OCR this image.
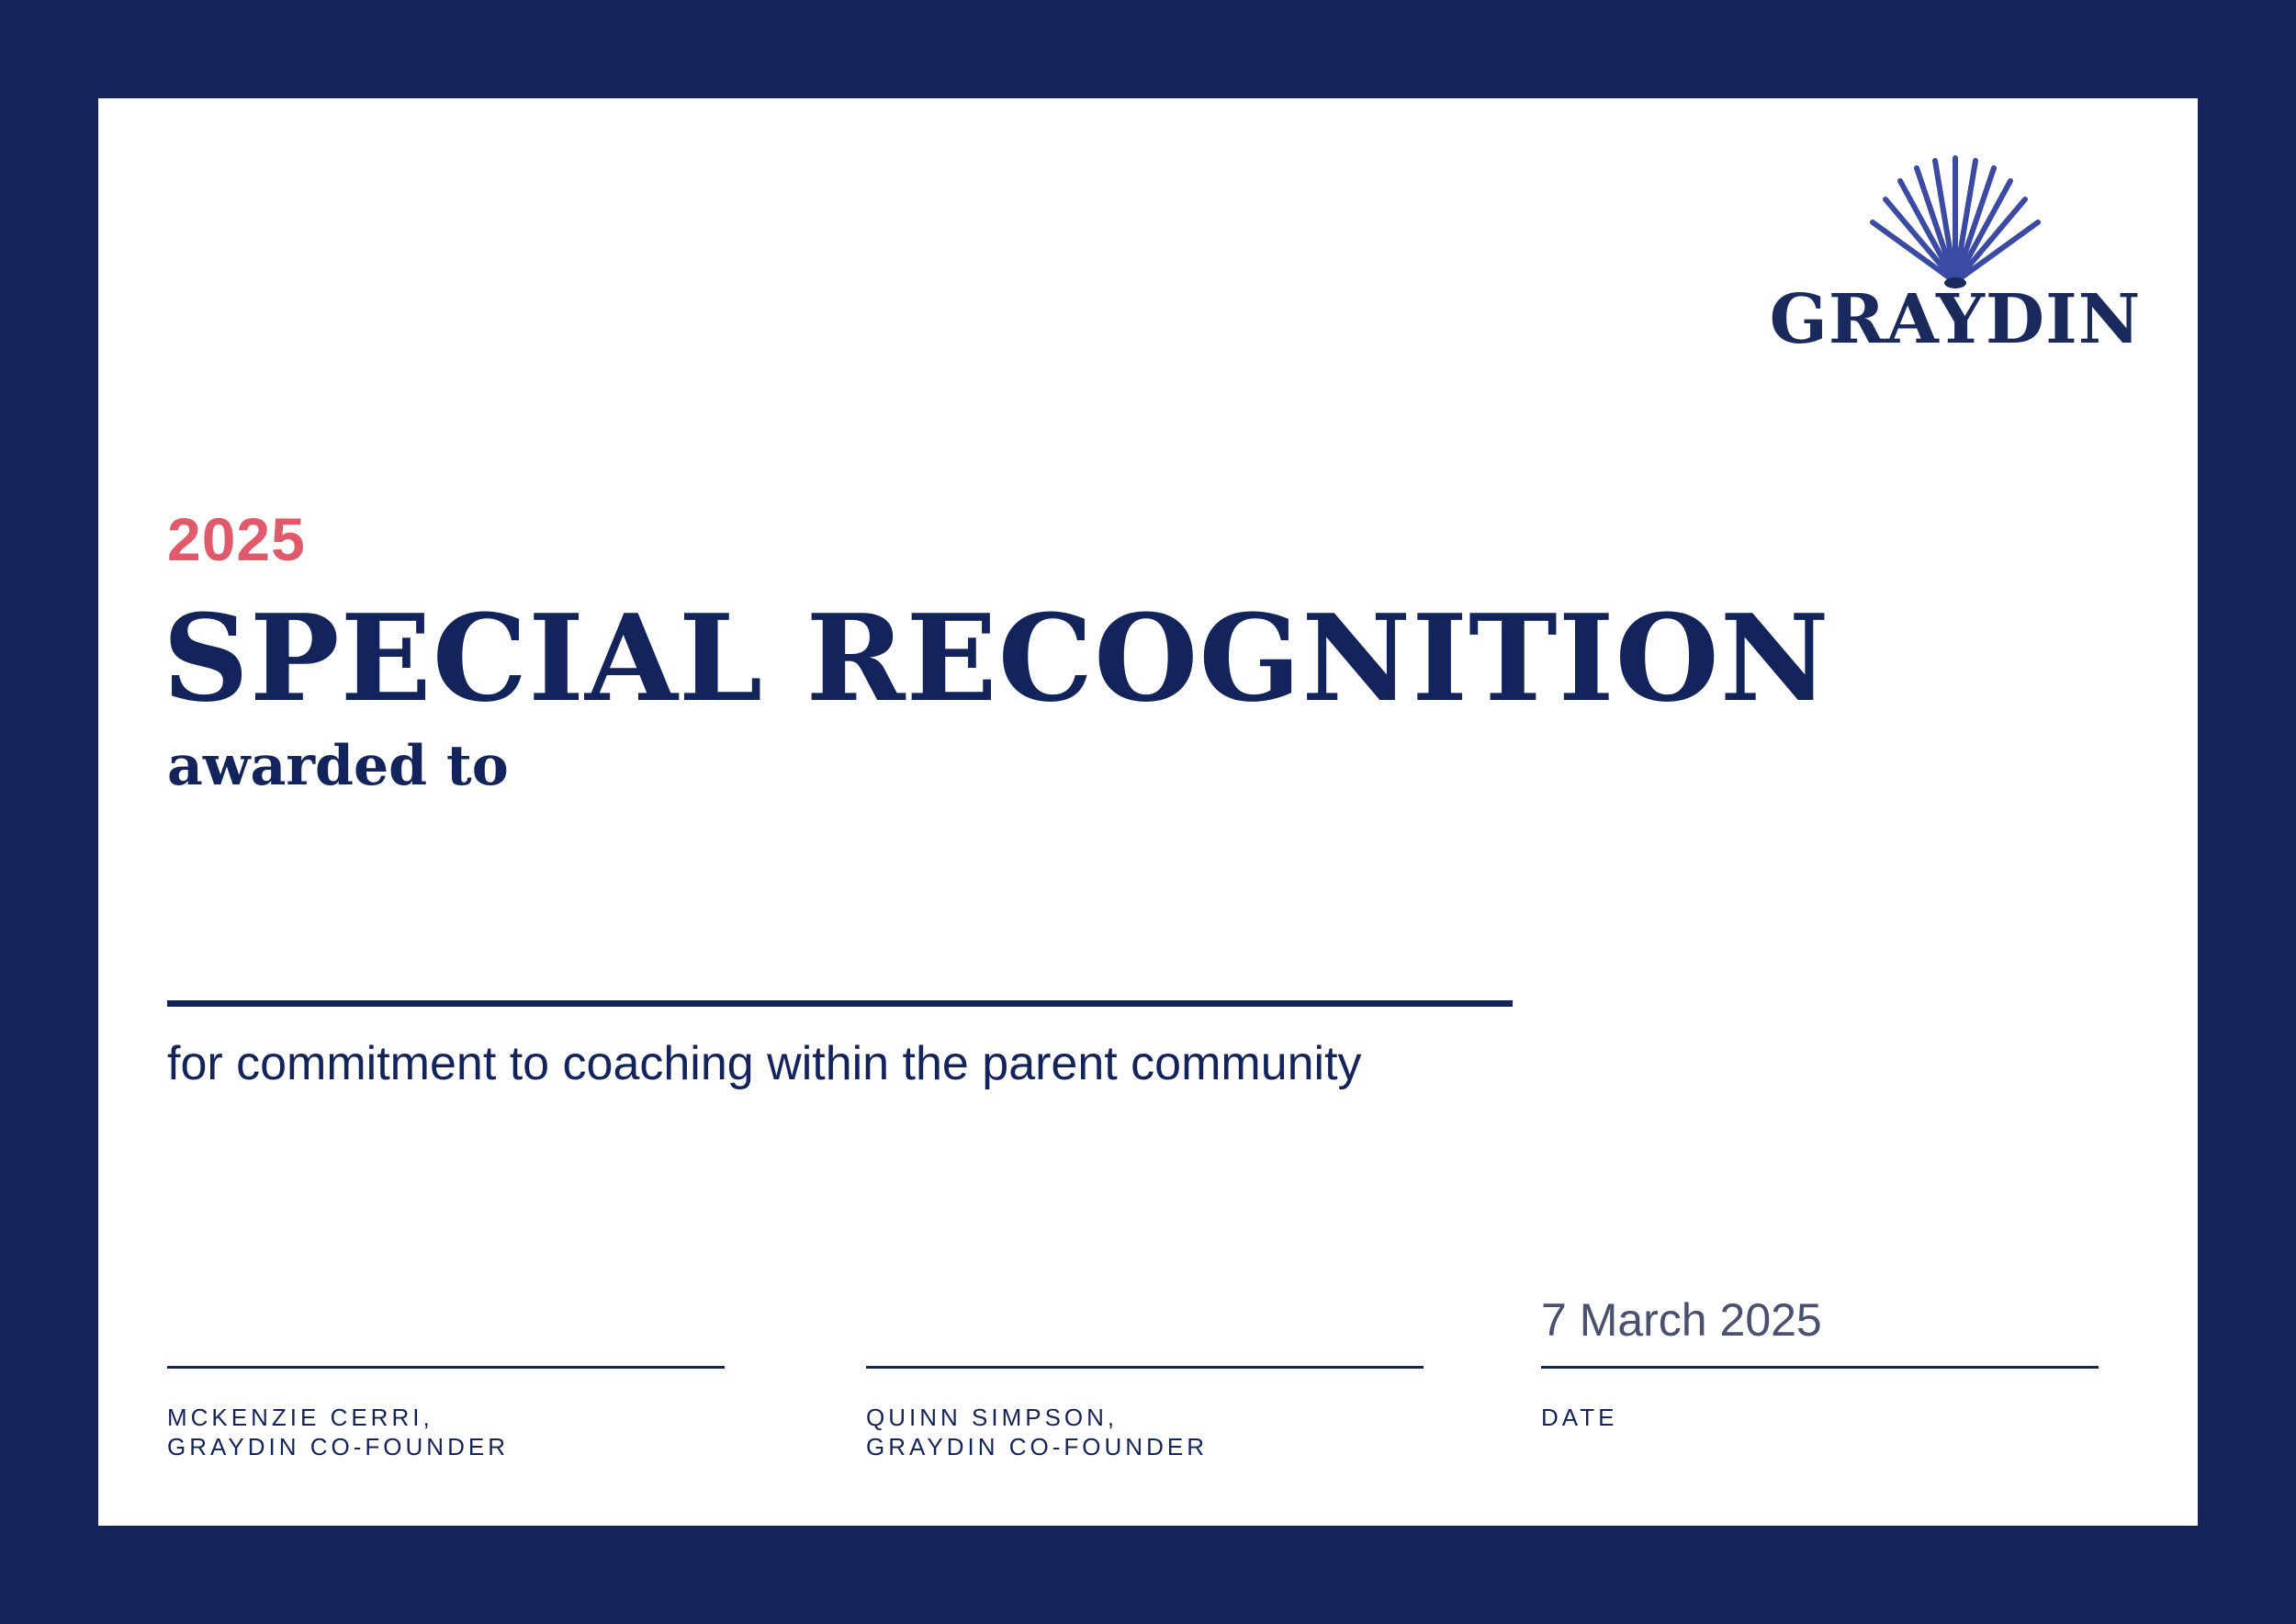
GRAYDIN
2025
SPECIAL RECOGNITION
awarded to
for commitment to coaching within the parent community
MCKENZIE CERRI,
GRAYDIN CO-FOUNDER
QUINN SIMPSON,
GRAYDIN CO-FOUNDER
7 March 2025
DATE
